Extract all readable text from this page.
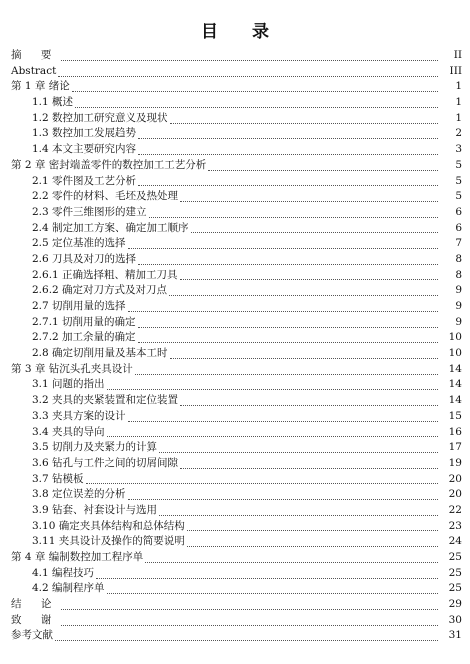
目 录
摘 要	II
Abstract	III
第 1 章 绪论	1
1.1 概述	1
1.2 数控加工研究意义及现状	1
1.3 数控加工发展趋势	2
1.4 本文主要研究内容	3
第 2 章 密封端盖零件的数控加工工艺分析	5
2.1 零件图及工艺分析	5
2.2 零件的材料、毛坯及热处理	5
2.3 零件三维图形的建立	6
2.4 制定加工方案、确定加工顺序	6
2.5 定位基准的选择	7
2.6 刀具及对刀的选择	8
2.6.1 正确选择粗、精加工刀具	8
2.6.2 确定对刀方式及对刀点	9
2.7 切削用量的选择	9
2.7.1 切削用量的确定	9
2.7.2 加工余量的确定	10
2.8 确定切削用量及基本工时	10
第 3 章 钻沉头孔夹具设计	14
3.1 问题的指出	14
3.2 夹具的夹紧装置和定位装置	14
3.3 夹具方案的设计	15
3.4 夹具的导向	16
3.5 切削力及夹紧力的计算	17
3.6 钻孔与工件之间的切屑间隙	19
3.7 钻模板	20
3.8 定位误差的分析	20
3.9 钻套、衬套设计与选用	22
3.10 确定夹具体结构和总体结构	23
3.11 夹具设计及操作的简要说明	24
第 4 章 编制数控加工程序单	25
4.1 编程技巧	25
4.2 编制程序单	25
结 论	29
致 谢	30
参考文献	31
